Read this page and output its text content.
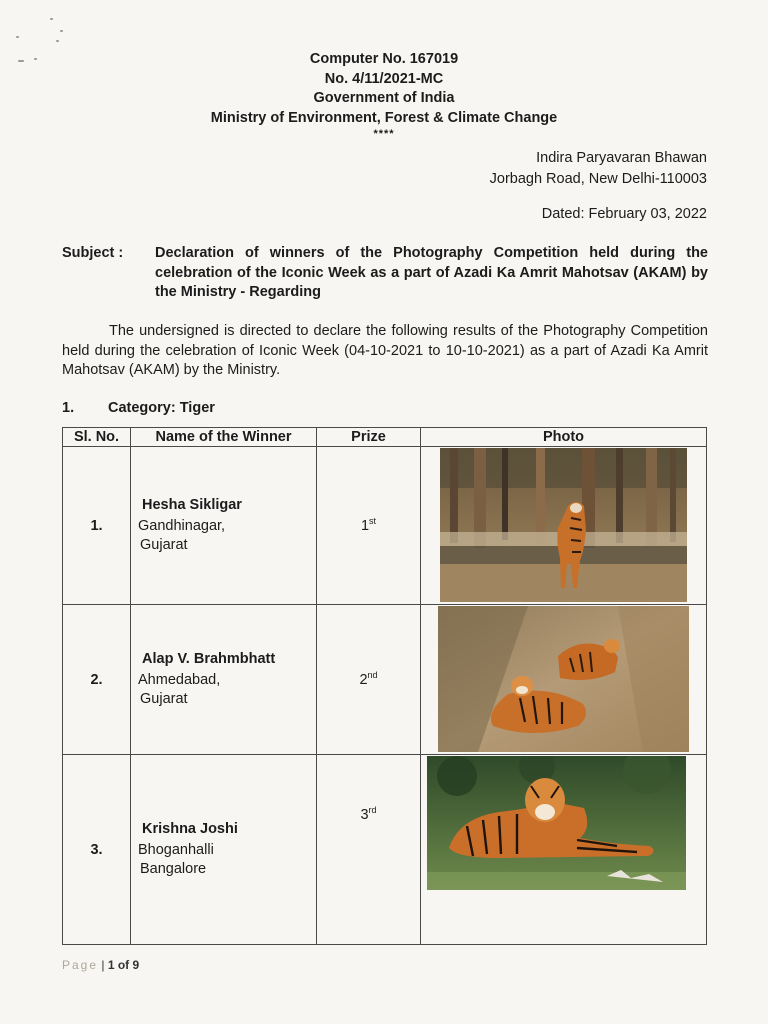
Computer No. 167019
No. 4/11/2021-MC
Government of India
Ministry of Environment, Forest & Climate Change
****
Indira Paryavaran Bhawan
Jorbagh Road, New Delhi-110003
Dated: February 03, 2022
Subject : Declaration of winners of the Photography Competition held during the celebration of the Iconic Week as a part of Azadi Ka Amrit Mahotsav (AKAM) by the Ministry - Regarding
The undersigned is directed to declare the following results of the Photography Competition held during the celebration of Iconic Week (04-10-2021 to 10-10-2021) as a part of Azadi Ka Amrit Mahotsav (AKAM) by the Ministry.
1. Category: Tiger
Sl. No.	Name of the Winner	Prize	Photo
1.	Hesha Sikligar
Gandhinagar,
Gujarat	1st	

2.	Alap V. Brahmbhatt
Ahmedabad,
Gujarat	2nd	

3.	Krishna Joshi
Bhoganhalli
Bangalore	3rd	
Page | 1 of 9
